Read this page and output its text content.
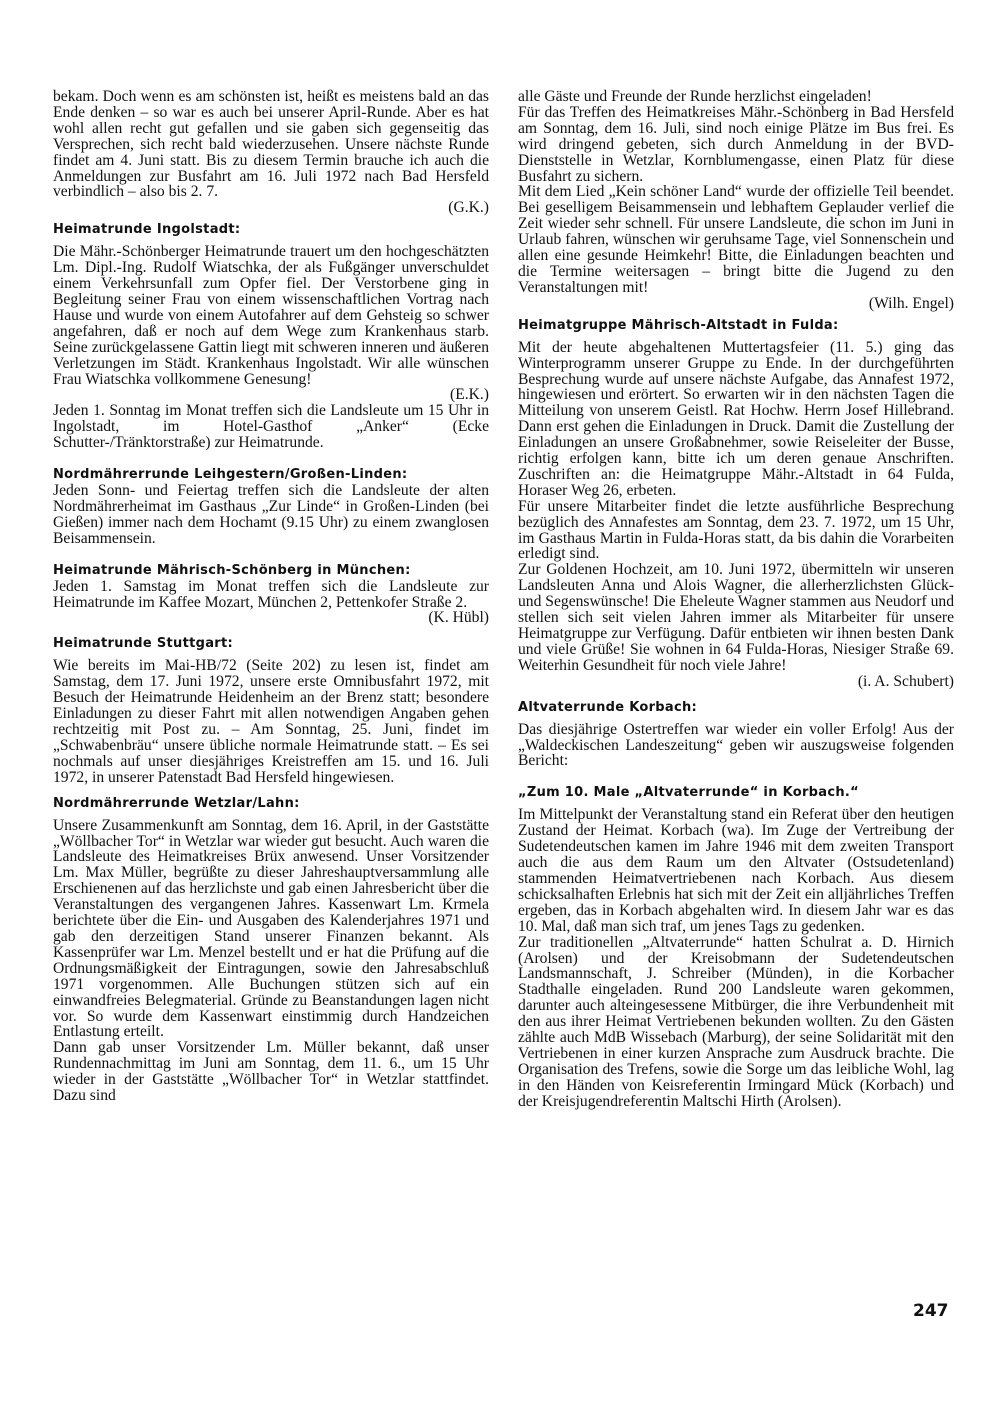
bekam. Doch wenn es am schönsten ist, heißt es meistens bald an das Ende denken – so war es auch bei unserer April-Runde. Aber es hat wohl allen recht gut gefallen und sie gaben sich gegenseitig das Versprechen, sich recht bald wiederzusehen. Unsere nächste Runde findet am 4. Juni statt. Bis zu diesem Termin brauche ich auch die Anmeldungen zur Busfahrt am 16. Juli 1972 nach Bad Hersfeld verbindlich – also bis 2. 7.

(G.K.)

Heimatrunde Ingolstadt:

Die Mähr.-Schönberger Heimatrunde trauert um den hochgeschätzten Lm. Dipl.-Ing. Rudolf Wiatschka, der als Fußgänger unverschuldet einem Verkehrsunfall zum Opfer fiel. Der Verstorbene ging in Begleitung seiner Frau von einem wissenschaftlichen Vortrag nach Hause und wurde von einem Autofahrer auf dem Gehsteig so schwer angefahren, daß er noch auf dem Wege zum Krankenhaus starb. Seine zurückgelassene Gattin liegt mit schweren inneren und äußeren Verletzungen im Städt. Krankenhaus Ingolstadt. Wir alle wünschen Frau Wiatschka vollkommene Genesung!

(E.K.)

Jeden 1. Sonntag im Monat treffen sich die Landsleute um 15 Uhr in Ingolstadt, im Hotel-Gasthof „Anker“ (Ecke Schutter-/Tränktorstraße) zur Heimatrunde.

Nordmährerrunde Leihgestern/Großen-Linden:

Jeden Sonn- und Feiertag treffen sich die Landsleute der alten Nordmährerheimat im Gasthaus „Zur Linde“ in Großen-Linden (bei Gießen) immer nach dem Hochamt (9.15 Uhr) zu einem zwanglosen Beisammensein.

Heimatrunde Mährisch-Schönberg in München:

Jeden 1. Samstag im Monat treffen sich die Landsleute zur Heimatrunde im Kaffee Mozart, München 2, Pettenkofer Straße 2.

(K. Hübl)

Heimatrunde Stuttgart:

Wie bereits im Mai-HB/72 (Seite 202) zu lesen ist, findet am Samstag, dem 17. Juni 1972, unsere erste Omnibusfahrt 1972, mit Besuch der Heimatrunde Heidenheim an der Brenz statt; besondere Einladungen zu dieser Fahrt mit allen notwendigen Angaben gehen rechtzeitig mit Post zu. – Am Sonntag, 25. Juni, findet im „Schwabenbräu“ unsere übliche normale Heimatrunde statt. – Es sei nochmals auf unser diesjähriges Kreistreffen am 15. und 16. Juli 1972, in unserer Patenstadt Bad Hersfeld hingewiesen.

Nordmährerrunde Wetzlar/Lahn:

Unsere Zusammenkunft am Sonntag, dem 16. April, in der Gaststätte „Wöllbacher Tor“ in Wetzlar war wieder gut besucht. Auch waren die Landsleute des Heimatkreises Brüx anwesend. Unser Vorsitzender Lm. Max Müller, begrüßte zu dieser Jahreshauptversammlung alle Erschienenen auf das herzlichste und gab einen Jahresbericht über die Veranstaltungen des vergangenen Jahres. Kassenwart Lm. Krmela berichtete über die Ein- und Ausgaben des Kalenderjahres 1971 und gab den derzeitigen Stand unserer Finanzen bekannt. Als Kassenprüfer war Lm. Menzel bestellt und er hat die Prüfung auf die Ordnungsmäßigkeit der Eintragungen, sowie den Jahresabschluß 1971 vorgenommen. Alle Buchungen stützen sich auf ein einwandfreies Belegmaterial. Gründe zu Beanstandungen lagen nicht vor. So wurde dem Kassenwart einstimmig durch Handzeichen Entlastung erteilt.

Dann gab unser Vorsitzender Lm. Müller bekannt, daß unser Rundennachmittag im Juni am Sonntag, dem 11. 6., um 15 Uhr wieder in der Gaststätte „Wöllbacher Tor“ in Wetzlar stattfindet. Dazu sind

alle Gäste und Freunde der Runde herzlichst eingeladen!

Für das Treffen des Heimatkreises Mähr.-Schönberg in Bad Hersfeld am Sonntag, dem 16. Juli, sind noch einige Plätze im Bus frei. Es wird dringend gebeten, sich durch Anmeldung in der BVD-Dienststelle in Wetzlar, Kornblumengasse, einen Platz für diese Busfahrt zu sichern.

Mit dem Lied „Kein schöner Land“ wurde der offizielle Teil beendet. Bei geselligem Beisammensein und lebhaftem Geplauder verlief die Zeit wieder sehr schnell. Für unsere Landsleute, die schon im Juni in Urlaub fahren, wünschen wir geruhsame Tage, viel Sonnenschein und allen eine gesunde Heimkehr! Bitte, die Einladungen beachten und die Termine weitersagen – bringt bitte die Jugend zu den Veranstaltungen mit!

(Wilh. Engel)

Heimatgruppe Mährisch-Altstadt in Fulda:

Mit der heute abgehaltenen Muttertagsfeier (11. 5.) ging das Winterprogramm unserer Gruppe zu Ende. In der durchgeführten Besprechung wurde auf unsere nächste Aufgabe, das Annafest 1972, hingewiesen und erörtert. So erwarten wir in den nächsten Tagen die Mitteilung von unserem Geistl. Rat Hochw. Herrn Josef Hillebrand. Dann erst gehen die Einladungen in Druck. Damit die Zustellung der Einladungen an unsere Großabnehmer, sowie Reiseleiter der Busse, richtig erfolgen kann, bitte ich um deren genaue Anschriften. Zuschriften an: die Heimatgruppe Mähr.-Altstadt in 64 Fulda, Horaser Weg 26, erbeten.

Für unsere Mitarbeiter findet die letzte ausführliche Besprechung bezüglich des Annafestes am Sonntag, dem 23. 7. 1972, um 15 Uhr, im Gasthaus Martin in Fulda-Horas statt, da bis dahin die Vorarbeiten erledigt sind.

Zur Goldenen Hochzeit, am 10. Juni 1972, übermitteln wir unseren Landsleuten Anna und Alois Wagner, die allerherzlichsten Glück- und Segenswünsche! Die Eheleute Wagner stammen aus Neudorf und stellen sich seit vielen Jahren immer als Mitarbeiter für unsere Heimatgruppe zur Verfügung. Dafür entbieten wir ihnen besten Dank und viele Grüße! Sie wohnen in 64 Fulda-Horas, Niesiger Straße 69. Weiterhin Gesundheit für noch viele Jahre!

(i. A. Schubert)

Altvaterrunde Korbach:

Das diesjährige Ostertreffen war wieder ein voller Erfolg! Aus der „Waldeckischen Landeszeitung“ geben wir auszugsweise folgenden Bericht:

„Zum 10. Male „Altvaterrunde“ in Korbach.“

Im Mittelpunkt der Veranstaltung stand ein Referat über den heutigen Zustand der Heimat. Korbach (wa). Im Zuge der Vertreibung der Sudetendeutschen kamen im Jahre 1946 mit dem zweiten Transport auch die aus dem Raum um den Altvater (Ostsudetenland) stammenden Heimatvertriebenen nach Korbach. Aus diesem schicksalhaften Erlebnis hat sich mit der Zeit ein alljährliches Treffen ergeben, das in Korbach abgehalten wird. In diesem Jahr war es das 10. Mal, daß man sich traf, um jenes Tags zu gedenken.

Zur traditionellen „Altvaterrunde“ hatten Schulrat a. D. Hirnich (Arolsen) und der Kreisobmann der Sudetendeutschen Landsmannschaft, J. Schreiber (Münden), in die Korbacher Stadthalle eingeladen. Rund 200 Landsleute waren gekommen, darunter auch alteingesessene Mitbürger, die ihre Verbundenheit mit den aus ihrer Heimat Vertriebenen bekunden wollten. Zu den Gästen zählte auch MdB Wissebach (Marburg), der seine Solidarität mit den Vertriebenen in einer kurzen Ansprache zum Ausdruck brachte. Die Organisation des Trefens, sowie die Sorge um das leibliche Wohl, lag in den Händen von Keisreferentin Irmingard Mück (Korbach) und der Kreisjugendreferentin Maltschi Hirth (Arolsen).

247
